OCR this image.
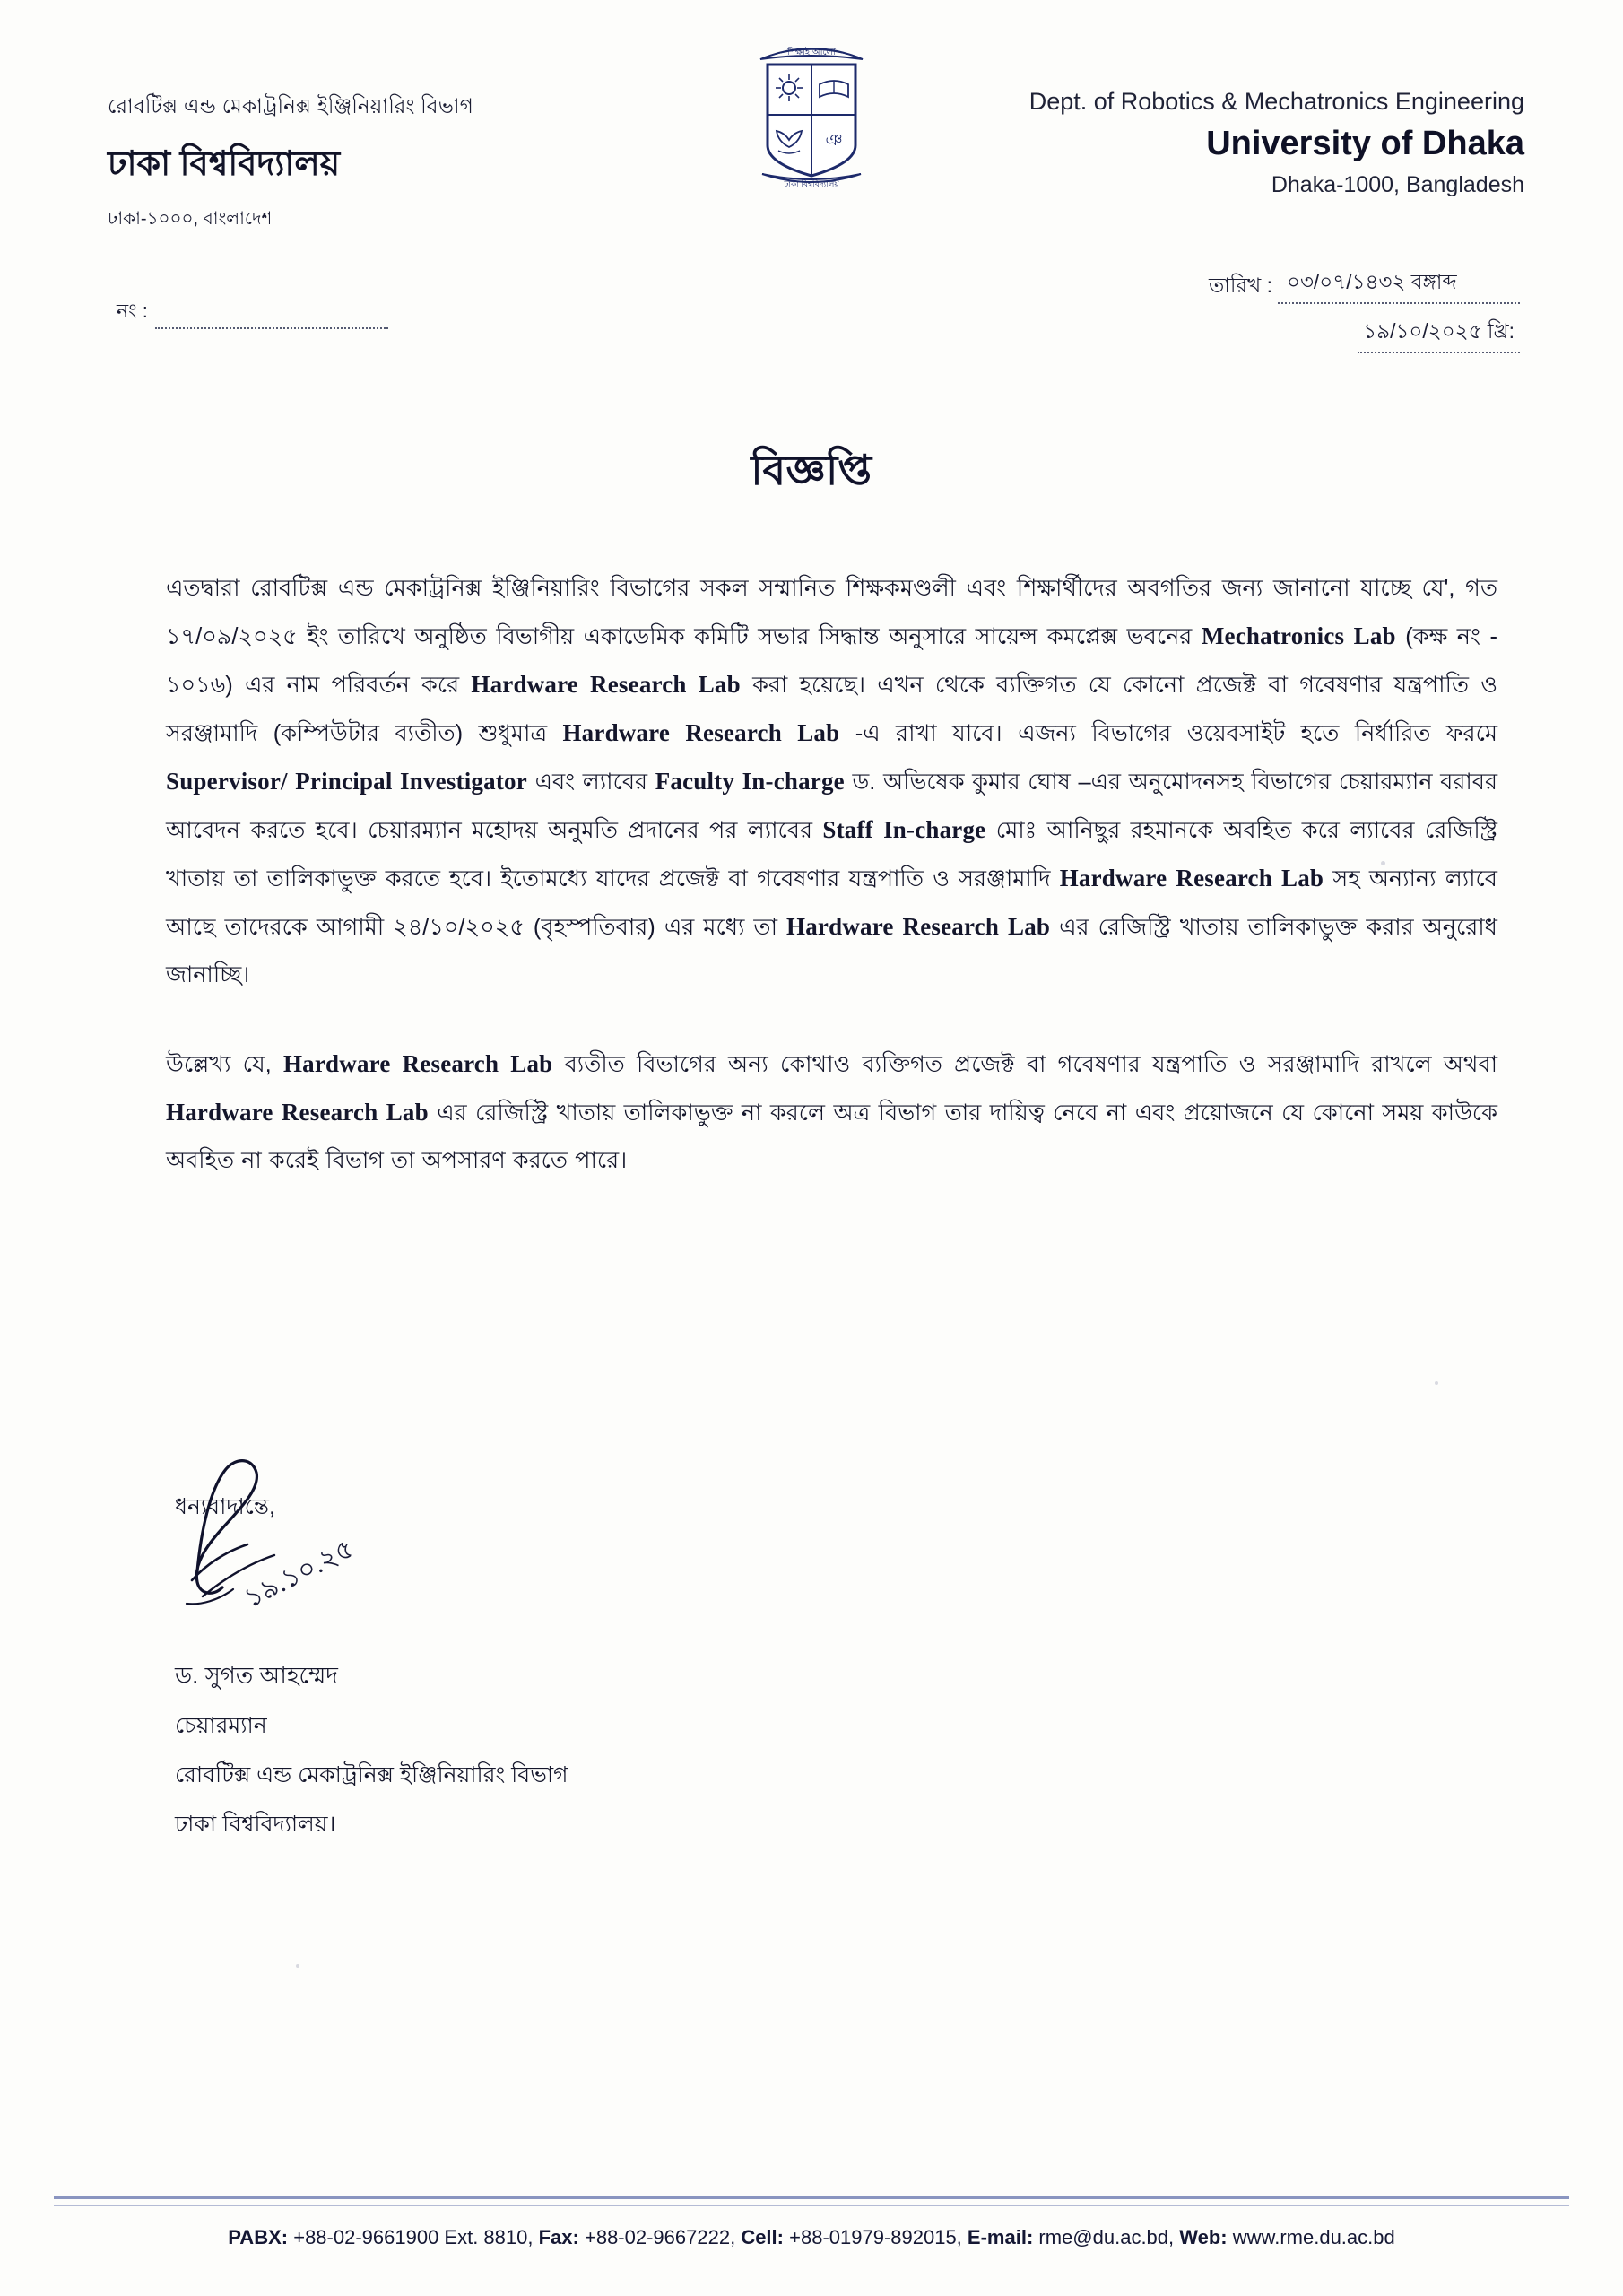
রোবটিক্স এন্ড মেকাট্রনিক্স ইঞ্জিনিয়ারিং বিভাগ
ঢাকা বিশ্ববিদ্যালয়
ঢাকা-১০০০, বাংলাদেশ
Dept. of Robotics & Mechatronics Engineering
University of Dhaka
Dhaka-1000, Bangladesh
শিক্ষাই আলো
ঞ
ঢাকা বিশ্ববিদ্যালয়
নং :
তারিখ : ০৩/০৭/১৪৩২ বঙ্গাব্দ
১৯/১০/২০২৫ খ্রি:
বিজ্ঞপ্তি

এতদ্বারা রোবটিক্স এন্ড মেকাট্রনিক্স ইঞ্জিনিয়ারিং বিভাগের সকল সম্মানিত শিক্ষকমণ্ডলী এবং শিক্ষার্থীদের অবগতির জন্য জানানো যাচ্ছে যে', গত ১৭/০৯/২০২৫ ইং তারিখে অনুষ্ঠিত বিভাগীয় একাডেমিক কমিটি সভার সিদ্ধান্ত অনুসারে সায়েন্স কমপ্লেক্স ভবনের Mechatronics Lab (কক্ষ নং - ১০১৬) এর নাম পরিবর্তন করে Hardware Research Lab করা হয়েছে। এখন থেকে ব্যক্তিগত যে কোনো প্রজেক্ট বা গবেষণার যন্ত্রপাতি ও সরঞ্জামাদি (কম্পিউটার ব্যতীত) শুধুমাত্র Hardware Research Lab -এ রাখা যাবে। এজন্য বিভাগের ওয়েবসাইট হতে নির্ধারিত ফরমে Supervisor/ Principal Investigator এবং ল্যাবের Faculty In-charge ড. অভিষেক কুমার ঘোষ –এর অনুমোদনসহ বিভাগের চেয়ারম্যান বরাবর আবেদন করতে হবে। চেয়ারম্যান মহোদয় অনুমতি প্রদানের পর ল্যাবের Staff In-charge মোঃ আনিছুর রহমানকে অবহিত করে ল্যাবের রেজিস্ট্রি খাতায় তা তালিকাভুক্ত করতে হবে। ইতোমধ্যে যাদের প্রজেক্ট বা গবেষণার যন্ত্রপাতি ও সরঞ্জামাদি Hardware Research Lab সহ অন্যান্য ল্যাবে আছে তাদেরকে আগামী ২৪/১০/২০২৫ (বৃহস্পতিবার) এর মধ্যে তা Hardware Research Lab এর রেজিস্ট্রি খাতায় তালিকাভুক্ত করার অনুরোধ জানাচ্ছি।

উল্লেখ্য যে, Hardware Research Lab ব্যতীত বিভাগের অন্য কোথাও ব্যক্তিগত প্রজেক্ট বা গবেষণার যন্ত্রপাতি ও সরঞ্জামাদি রাখলে অথবা Hardware Research Lab এর রেজিস্ট্রি খাতায় তালিকাভুক্ত না করলে অত্র বিভাগ তার দায়িত্ব নেবে না এবং প্রয়োজনে যে কোনো সময় কাউকে অবহিত না করেই বিভাগ তা অপসারণ করতে পারে।

১৯.১০.২৫
ধন্যবাদান্তে,
ড. সুগত আহম্মেদ
চেয়ারম্যান
রোবটিক্স এন্ড মেকাট্রনিক্স ইঞ্জিনিয়ারিং বিভাগ
ঢাকা বিশ্ববিদ্যালয়।
PABX: +88-02-9661900 Ext. 8810, Fax: +88-02-9667222, Cell: +88-01979-892015, E-mail: rme@du.ac.bd, Web: www.rme.du.ac.bd
